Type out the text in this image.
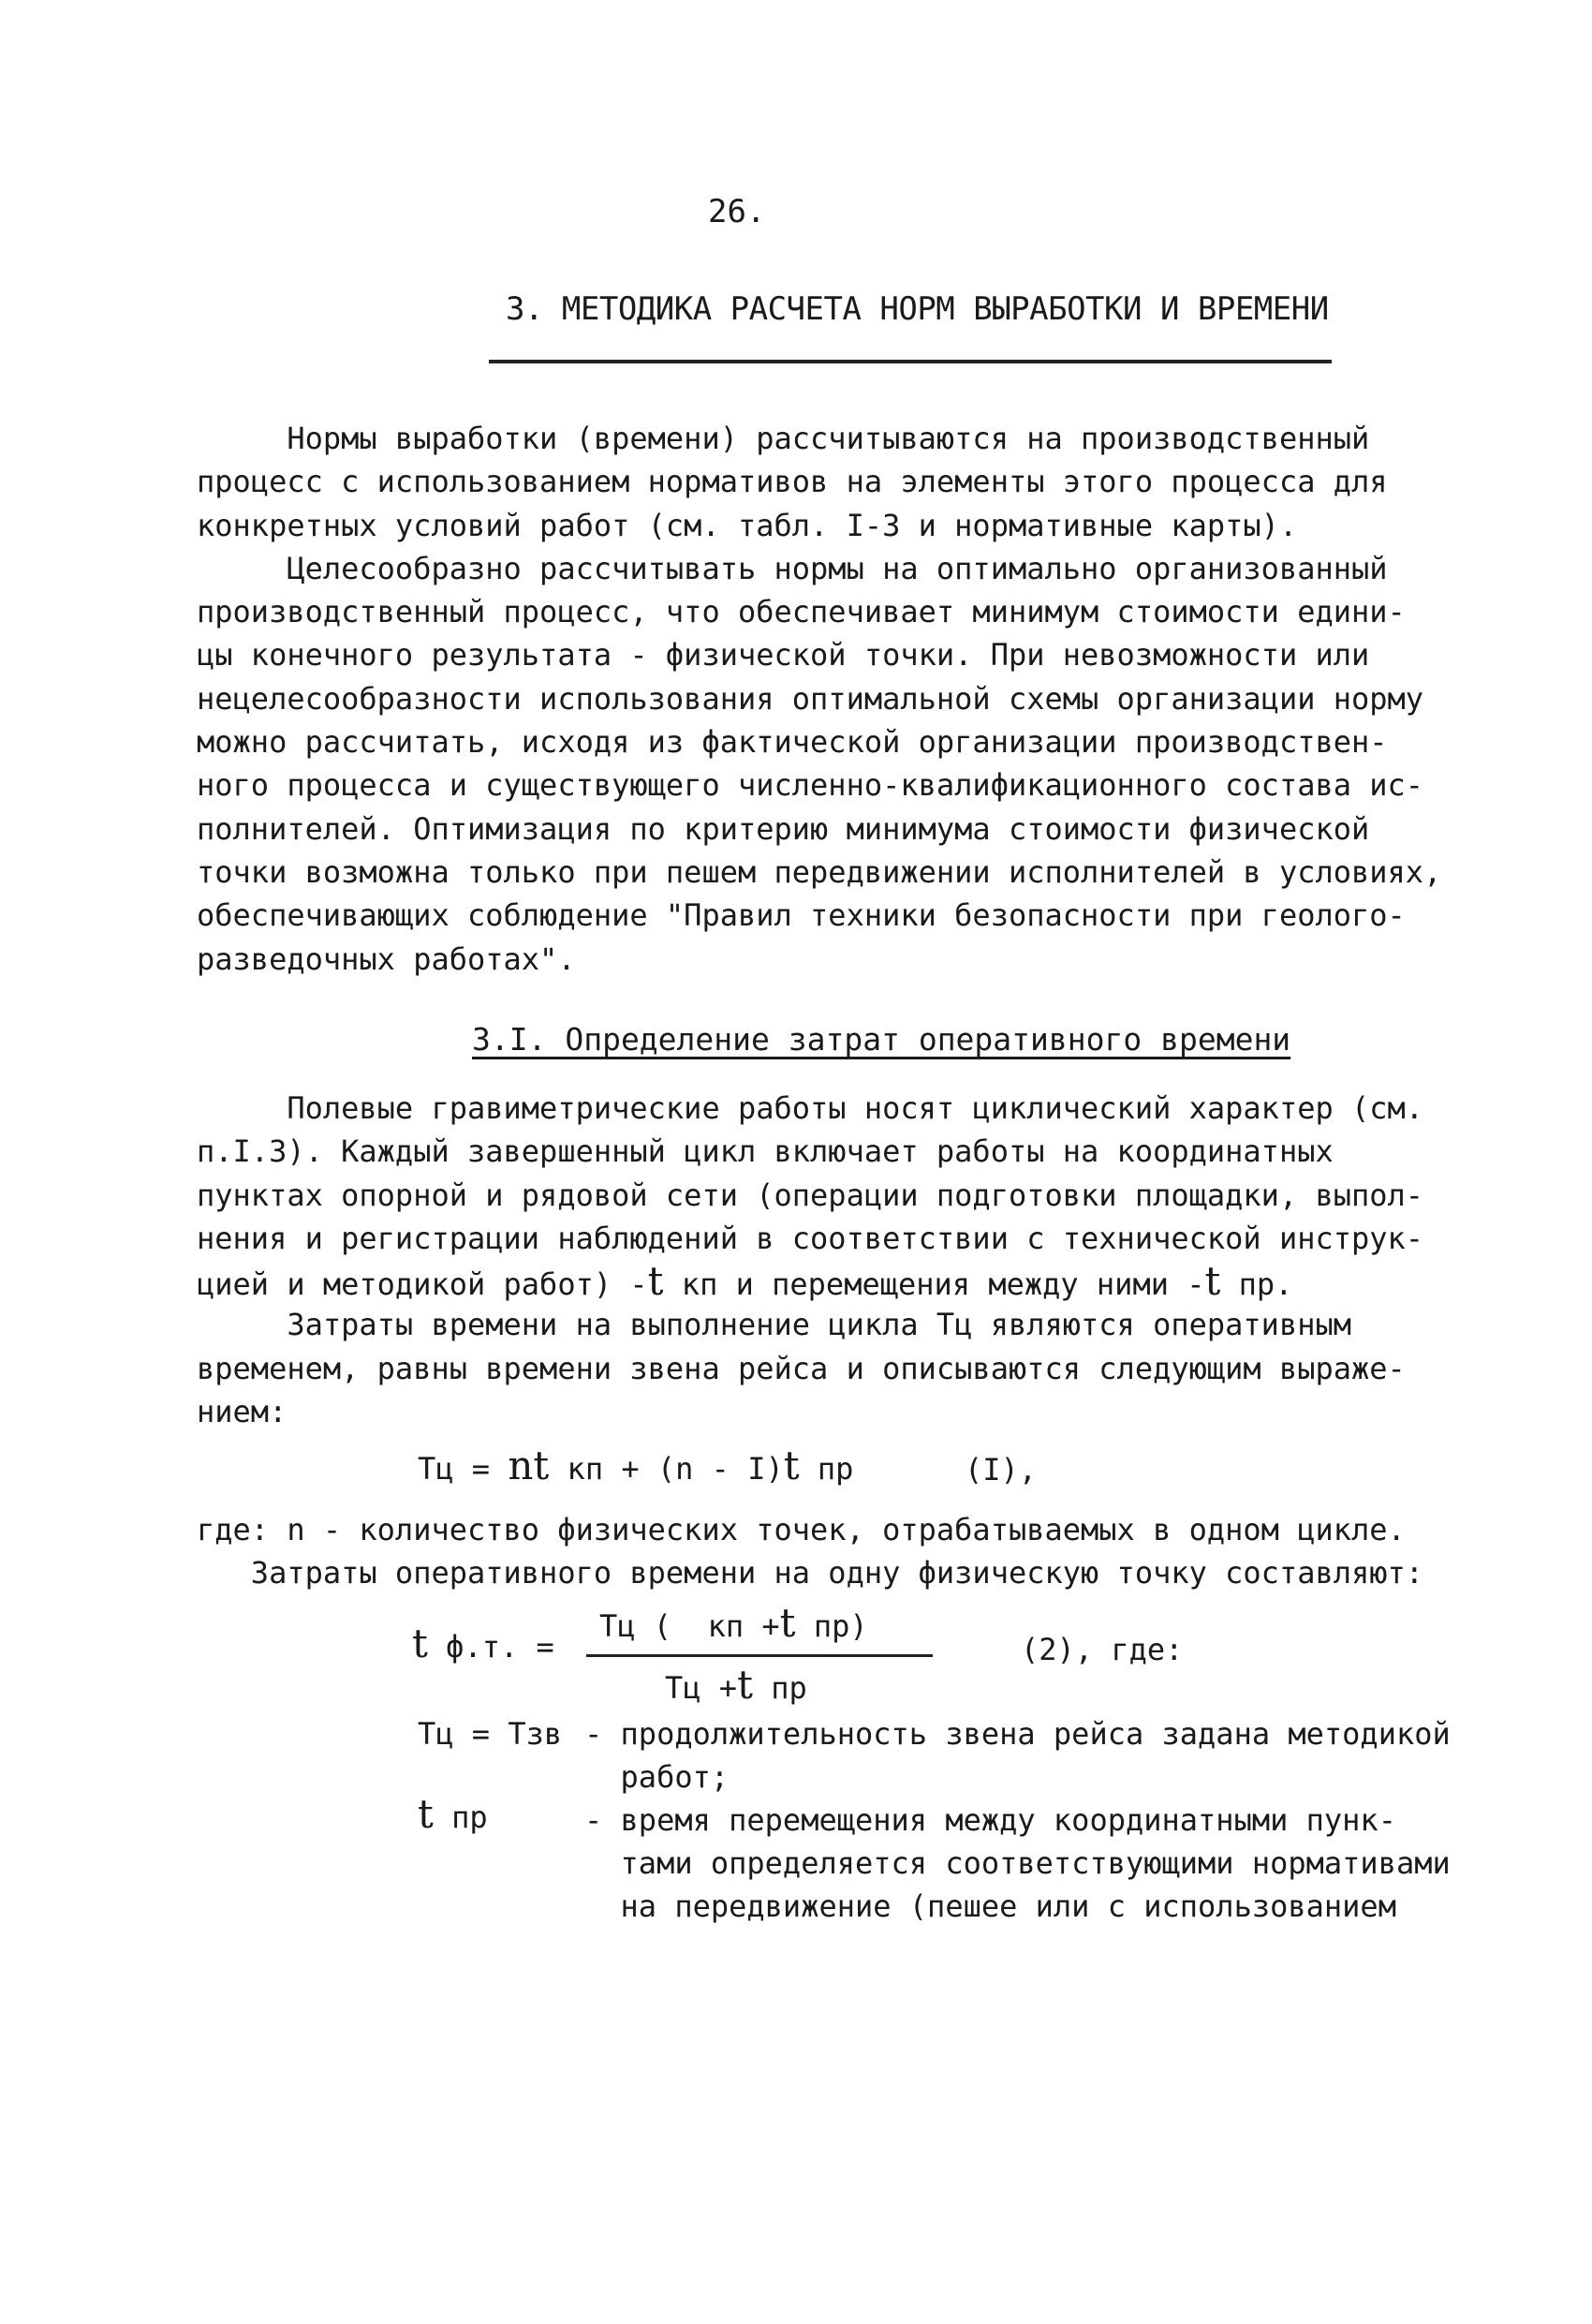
26.
3. МЕТОДИКА РАСЧЕТА НОРМ ВЫРАБОТКИ И ВРЕМЕНИ
Нормы выработки (времени) рассчитываются на производственный
процесс с использованием нормативов на элементы этого процесса для
конкретных условий работ (см. табл. I-3 и нормативные карты).
Целесообразно рассчитывать нормы на оптимально организованный
производственный процесс, что обеспечивает минимум стоимости едини-
цы конечного результата - физической точки. При невозможности или
нецелесообразности использования оптимальной схемы организации норму
можно рассчитать, исходя из фактической организации производствен-
ного процесса и существующего численно-квалификационного состава ис-
полнителей. Оптимизация по критерию минимума стоимости физической
точки возможна только при пешем передвижении исполнителей в условиях,
обеспечивающих соблюдение "Правил техники безопасности при геолого-
разведочных работах".
3.I. Определение затрат оперативного времени
Полевые гравиметрические работы носят циклический характер (см.
п.I.3). Каждый завершенный цикл включает работы на координатных
пунктах опорной и рядовой сети (операции подготовки площадки, выпол-
нения и регистрации наблюдений в соответствии с технической инструк-
цией и методикой работ) -t кп и перемещения между ними -t пр.
Затраты времени на выполнение цикла Тц являются оперативным
временем, равны времени звена рейса и описываются следующим выраже-
нием:
Тц = nt кп + (n - I)t пр	(I),
где: n - количество физических точек, отрабатываемых в одном цикле.
Затраты оперативного времени на одну физическую точку составляют:
t ф.т. =
Тц (  кп +t пр)
Тц +t пр
(2), где:
Тц = Тзв - продолжительность звена рейса задана методикой
работ;
t пр	- время перемещения между координатными пунк-
тами определяется соответствующими нормативами
на передвижение (пешее или с использованием
